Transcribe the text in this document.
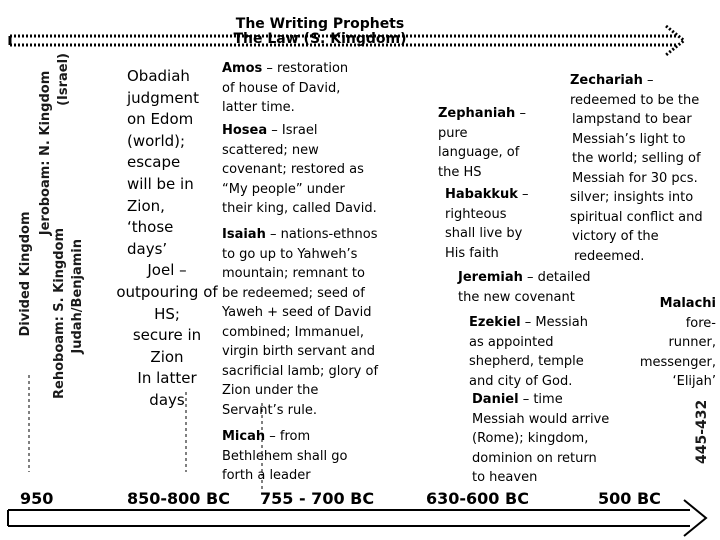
The Writing Prophets
The Law (S. Kingdom)
Divided Kingdom
Jeroboam: N. Kingdom (Israel)
Rehoboam: S. Kingdom Judah/Benjamin
445-432
Obadiah
judgment
on Edom
(world);
escape
will be in
Zion,
‘those
days’
Joel –
outpouring of
HS;
secure in
Zion
In latter
days
Amos – restoration
of house of David,
latter time.
Hosea – Israel
scattered; new
covenant; restored as
“My people” under
their king, called David.
Isaiah – nations-ethnos
to go up to Yahweh’s
mountain; remnant to
be redeemed; seed of
Yaweh + seed of David
combined; Immanuel,
virgin birth servant and
sacrificial lamb; glory of
Zion under the
Servant’s rule.
Micah – from
Bethlehem shall go
forth a leader
Zephaniah –
pure
language, of
the HS
Habakkuk –
righteous
shall live by
His faith
Zechariah –
redeemed to be the
lampstand to bear
Messiah’s light to
the world; selling of
Messiah for 30 pcs.
silver; insights into
spiritual conflict and
victory of the
redeemed.
Jeremiah – detailed
the new covenant
Ezekiel – Messiah
as appointed
shepherd, temple
and city of God.
Daniel – time
Messiah would arrive
(Rome); kingdom,
dominion on return
to heaven
Malachi
fore-
runner,
messenger,
‘Elijah’
950	850-800 BC 755 - 700 BC	630-600 BC	500 BC
